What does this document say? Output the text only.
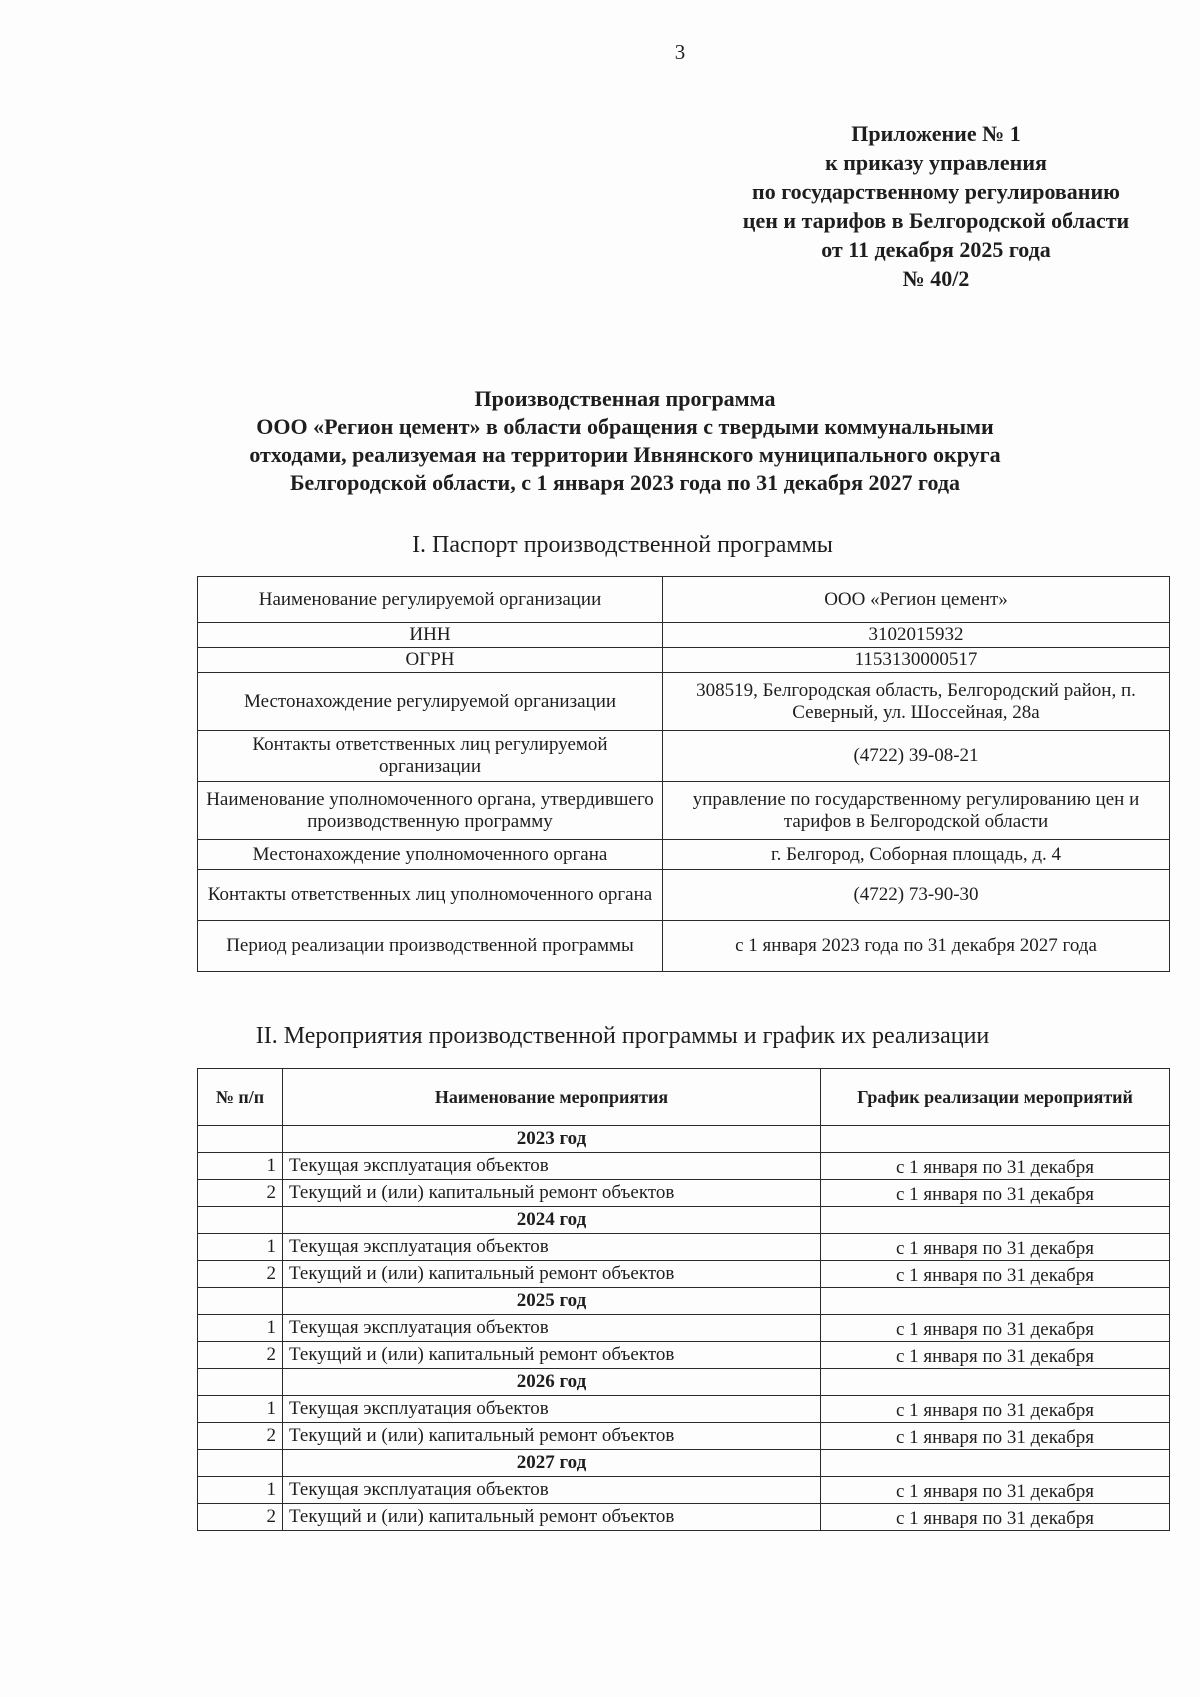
3
Приложение № 1
к приказу управления
по государственному регулированию
цен и тарифов в Белгородской области
от 11 декабря 2025 года
№ 40/2
Производственная программа
ООО «Регион цемент» в области обращения с твердыми коммунальными
отходами, реализуемая на территории Ивнянского муниципального округа
Белгородской области, с 1 января 2023 года по 31 декабря 2027 года
I. Паспорт производственной программы
Наименование регулируемой организации	ООО «Регион цемент»
ИНН	3102015932
ОГРН	1153130000517
Местонахождение регулируемой организации	308519, Белгородская область, Белгородский район, п. Северный, ул. Шоссейная, 28а
Контакты ответственных лиц регулируемой организации	(4722) 39-08-21
Наименование уполномоченного органа, утвердившего производственную программу	управление по государственному регулированию цен и тарифов в Белгородской области
Местонахождение уполномоченного органа	г. Белгород, Соборная площадь, д. 4
Контакты ответственных лиц уполномоченного органа	(4722) 73-90-30
Период реализации производственной программы	с 1 января 2023 года по 31 декабря 2027 года
II. Мероприятия производственной программы и график их реализации
№ п/п	Наименование мероприятия	График реализации мероприятий
	2023 год	
1	Текущая эксплуатация объектов	с 1 января по 31 декабря
2	Текущий и (или) капитальный ремонт объектов	с 1 января по 31 декабря
	2024 год	
1	Текущая эксплуатация объектов	с 1 января по 31 декабря
2	Текущий и (или) капитальный ремонт объектов	с 1 января по 31 декабря
	2025 год	
1	Текущая эксплуатация объектов	с 1 января по 31 декабря
2	Текущий и (или) капитальный ремонт объектов	с 1 января по 31 декабря
	2026 год	
1	Текущая эксплуатация объектов	с 1 января по 31 декабря
2	Текущий и (или) капитальный ремонт объектов	с 1 января по 31 декабря
	2027 год	
1	Текущая эксплуатация объектов	с 1 января по 31 декабря
2	Текущий и (или) капитальный ремонт объектов	с 1 января по 31 декабря
